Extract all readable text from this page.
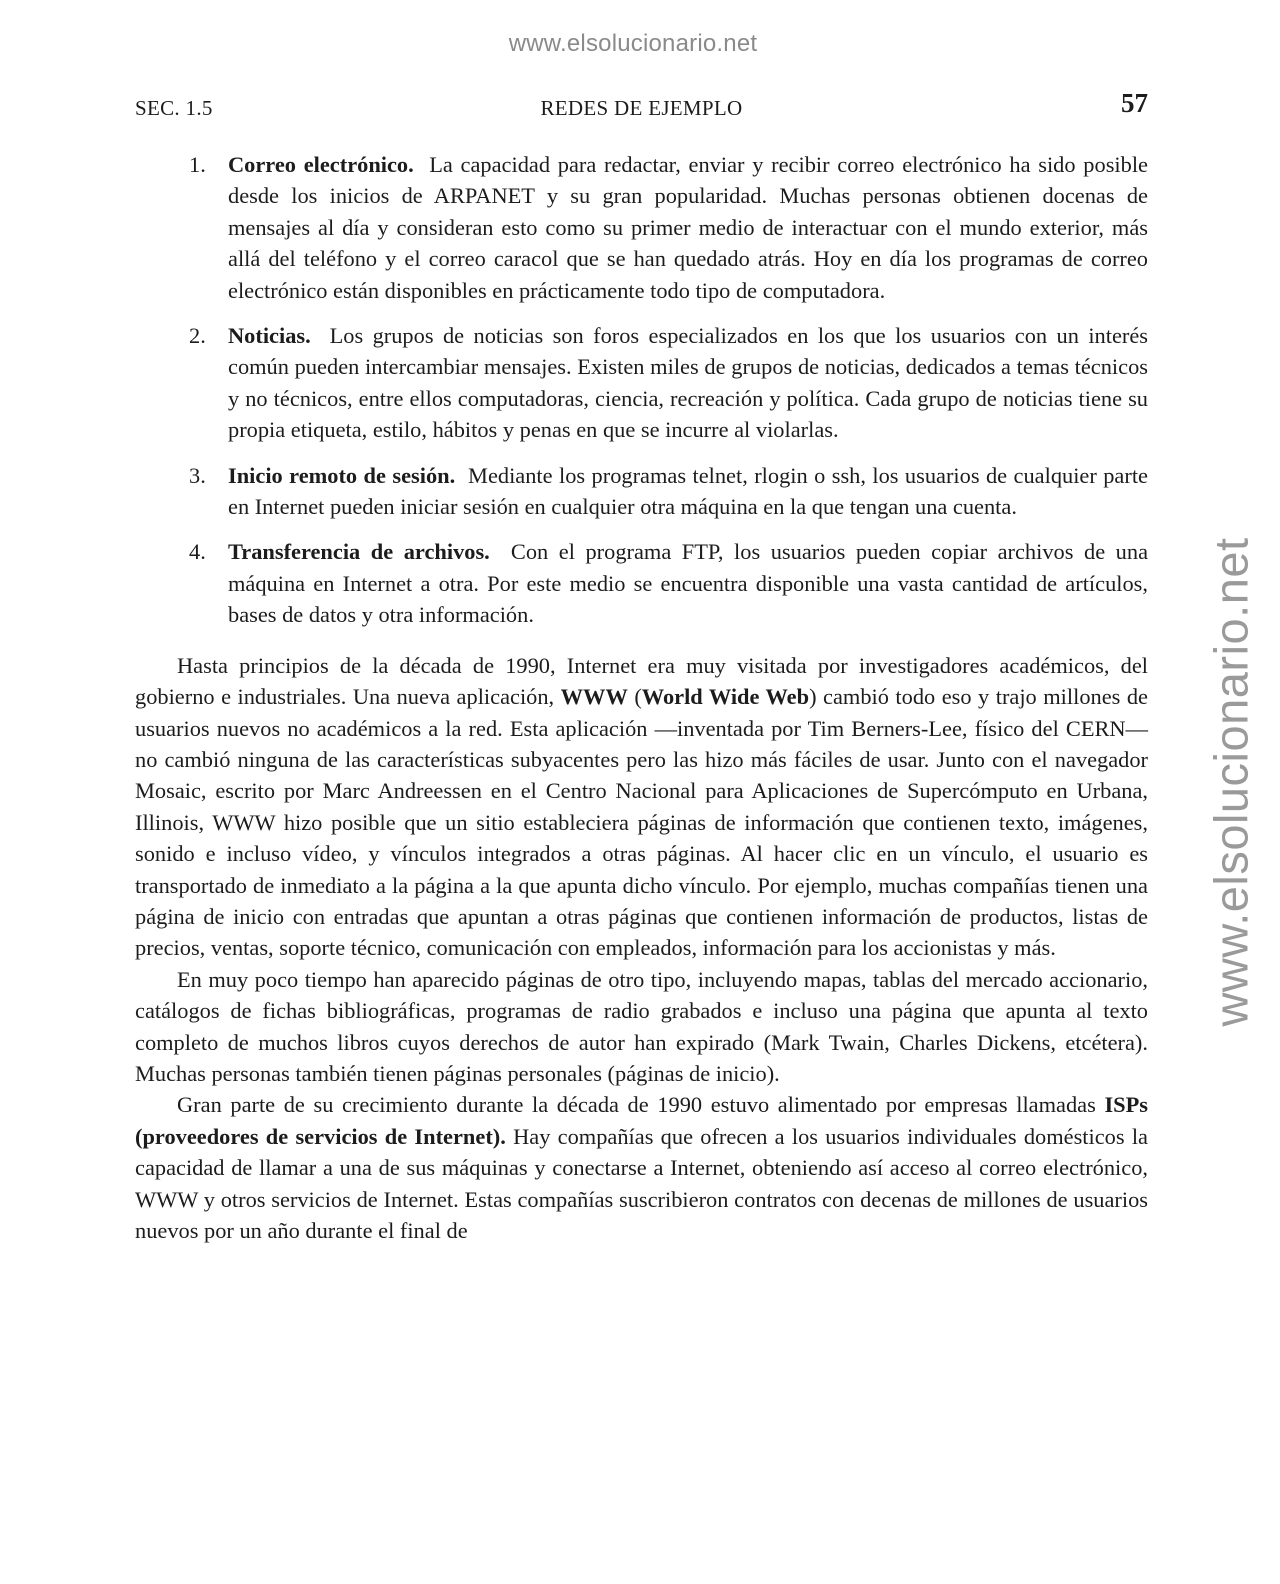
www.elsolucionario.net
www.elsolucionario.net
SEC. 1.5	REDES DE EJEMPLO	57
1. Correo electrónico. La capacidad para redactar, enviar y recibir correo electrónico ha sido posible desde los inicios de ARPANET y su gran popularidad. Muchas personas obtienen docenas de mensajes al día y consideran esto como su primer medio de interactuar con el mundo exterior, más allá del teléfono y el correo caracol que se han quedado atrás. Hoy en día los programas de correo electrónico están disponibles en prácticamente todo tipo de computadora.
2. Noticias. Los grupos de noticias son foros especializados en los que los usuarios con un interés común pueden intercambiar mensajes. Existen miles de grupos de noticias, dedicados a temas técnicos y no técnicos, entre ellos computadoras, ciencia, recreación y política. Cada grupo de noticias tiene su propia etiqueta, estilo, hábitos y penas en que se incurre al violarlas.
3. Inicio remoto de sesión. Mediante los programas telnet, rlogin o ssh, los usuarios de cualquier parte en Internet pueden iniciar sesión en cualquier otra máquina en la que tengan una cuenta.
4. Transferencia de archivos. Con el programa FTP, los usuarios pueden copiar archivos de una máquina en Internet a otra. Por este medio se encuentra disponible una vasta cantidad de artículos, bases de datos y otra información.

Hasta principios de la década de 1990, Internet era muy visitada por investigadores académicos, del gobierno e industriales. Una nueva aplicación, WWW (World Wide Web) cambió todo eso y trajo millones de usuarios nuevos no académicos a la red. Esta aplicación —inventada por Tim Berners-Lee, físico del CERN— no cambió ninguna de las características subyacentes pero las hizo más fáciles de usar. Junto con el navegador Mosaic, escrito por Marc Andreessen en el Centro Nacional para Aplicaciones de Supercómputo en Urbana, Illinois, WWW hizo posible que un sitio estableciera páginas de información que contienen texto, imágenes, sonido e incluso vídeo, y vínculos integrados a otras páginas. Al hacer clic en un vínculo, el usuario es transportado de inmediato a la página a la que apunta dicho vínculo. Por ejemplo, muchas compañías tienen una página de inicio con entradas que apuntan a otras páginas que contienen información de productos, listas de precios, ventas, soporte técnico, comunicación con empleados, información para los accionistas y más.

En muy poco tiempo han aparecido páginas de otro tipo, incluyendo mapas, tablas del mercado accionario, catálogos de fichas bibliográficas, programas de radio grabados e incluso una página que apunta al texto completo de muchos libros cuyos derechos de autor han expirado (Mark Twain, Charles Dickens, etcétera). Muchas personas también tienen páginas personales (páginas de inicio).

Gran parte de su crecimiento durante la década de 1990 estuvo alimentado por empresas llamadas ISPs (proveedores de servicios de Internet). Hay compañías que ofrecen a los usuarios individuales domésticos la capacidad de llamar a una de sus máquinas y conectarse a Internet, obteniendo así acceso al correo electrónico, WWW y otros servicios de Internet. Estas compañías suscribieron contratos con decenas de millones de usuarios nuevos por un año durante el final de
